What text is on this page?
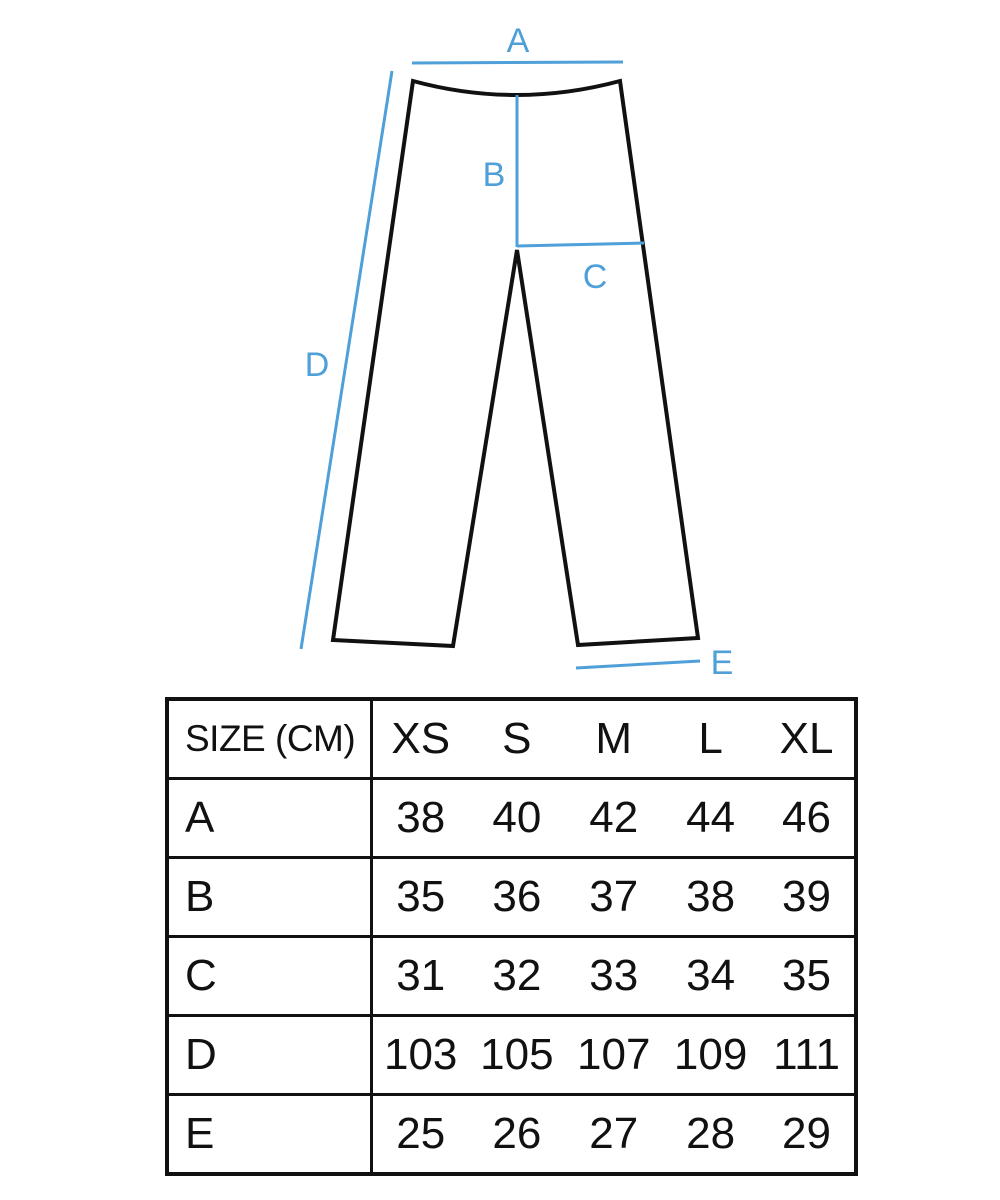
A
B
C
D
E
SIZE (CM)	XS	S	M	L	XL
A	38	40	42	44	46
B	35	36	37	38	39
C	31	32	33	34	35
D	103	105	107	109	111
E	25	26	27	28	29
